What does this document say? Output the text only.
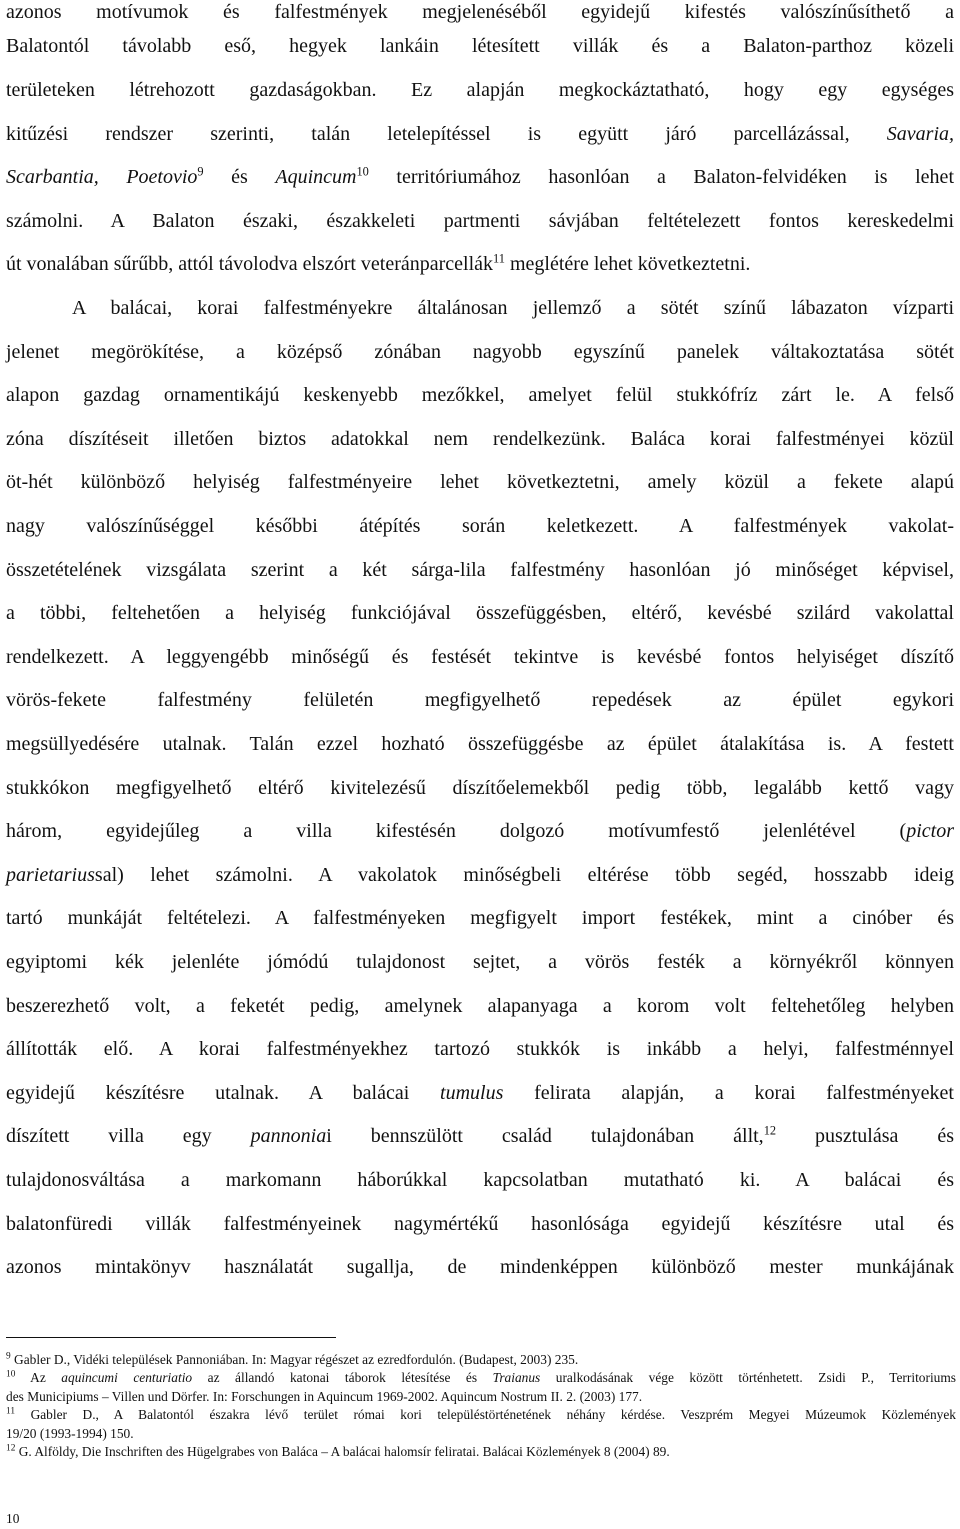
azonos motívumok és falfestmények megjelenéséből egyidejű kifestés valószínűsíthető a
Balatontól távolabb eső, hegyek lankáin létesített villák és a Balaton-parthoz közeli
területeken létrehozott gazdaságokban. Ez alapján megkockáztatható, hogy egy egységes
kitűzési rendszer szerinti, talán letelepítéssel is együtt járó parcellázással, Savaria,
Scarbantia, Poetovio$^9$ és Aquincum$^{10}$ territóriumához hasonlóan a Balaton-felvidéken is lehet
számolni. A Balaton északi, északkeleti partmenti sávjában feltételezett fontos kereskedelmi
út vonalában sűrűbb, attól távolodva elszórt veteránparcellák$^{11}$ meglétére lehet következtetni.
A balácai, korai falfestményekre általánosan jellemző a sötét színű lábazaton vízparti
jelenet megörökítése, a középső zónában nagyobb egyszínű panelek váltakoztatása sötét
alapon gazdag ornamentikájú keskenyebb mezőkkel, amelyet felül stukkófríz zárt le. A felső
zóna díszítéseit illetően biztos adatokkal nem rendelkezünk. Baláca korai falfestményei közül
öt-hét különböző helyiség falfestményeire lehet következtetni, amely közül a fekete alapú
nagy valószínűséggel későbbi átépítés során keletkezett. A falfestmények vakolat-
összetételének vizsgálata szerint a két sárga-lila falfestmény hasonlóan jó minőséget képvisel,
a többi, feltehetően a helyiség funkciójával összefüggésben, eltérő, kevésbé szilárd vakolattal
rendelkezett. A leggyengébb minőségű és festését tekintve is kevésbé fontos helyiséget díszítő
vörös-fekete falfestmény felületén megfigyelhető repedések az épület egykori
megsüllyedésére utalnak. Talán ezzel hozható összefüggésbe az épület átalakítása is. A festett
stukkókon megfigyelhető eltérő kivitelezésű díszítőelemekből pedig több, legalább kettő vagy
három, egyidejűleg a villa kifestésén dolgozó motívumfestő jelenlétével (pictor
parietariussal) lehet számolni. A vakolatok minőségbeli eltérése több segéd, hosszabb ideig
tartó munkáját feltételezi. A falfestményeken megfigyelt import festékek, mint a cinóber és
egyiptomi kék jelenléte jómódú tulajdonost sejtet, a vörös festék a környékről könnyen
beszerezhető volt, a feketét pedig, amelynek alapanyaga a korom volt feltehetőleg helyben
állították elő. A korai falfestményekhez tartozó stukkók is inkább a helyi, falfestménnyel
egyidejű készítésre utalnak. A balácai tumulus felirata alapján, a korai falfestményeket
díszített villa egy pannoniai bennszülött család tulajdonában állt,$^{12}$ pusztulása és
tulajdonosváltása a markomann háborúkkal kapcsolatban mutatható ki. A balácai és
balatonfüredi villák falfestményeinek nagymértékű hasonlósága egyidejű készítésre utal és
azonos mintakönyv használatát sugallja, de mindenképpen különböző mester munkájának
$^9$ Gabler D., Vidéki települések Pannoniában. In: Magyar régészet az ezredfordulón. (Budapest, 2003) 235.
$^{10}$ Az aquincumi centuriatio az állandó katonai táborok létesítése és Traianus uralkodásának vége között történhetett. Zsidi P., Territoriums
des Municipiums – Villen und Dörfer. In: Forschungen in Aquincum 1969-2002. Aquincum Nostrum II. 2. (2003) 177.
$^{11}$ Gabler D., A Balatontól északra lévő terület római kori településtörténetének néhány kérdése. Veszprém Megyei Múzeumok Közlemények
19/20 (1993-1994) 150.
$^{12}$ G. Alföldy, Die Inschriften des Hügelgrabes von Baláca – A balácai halomsír feliratai. Balácai Közlemények 8 (2004) 89.
10
